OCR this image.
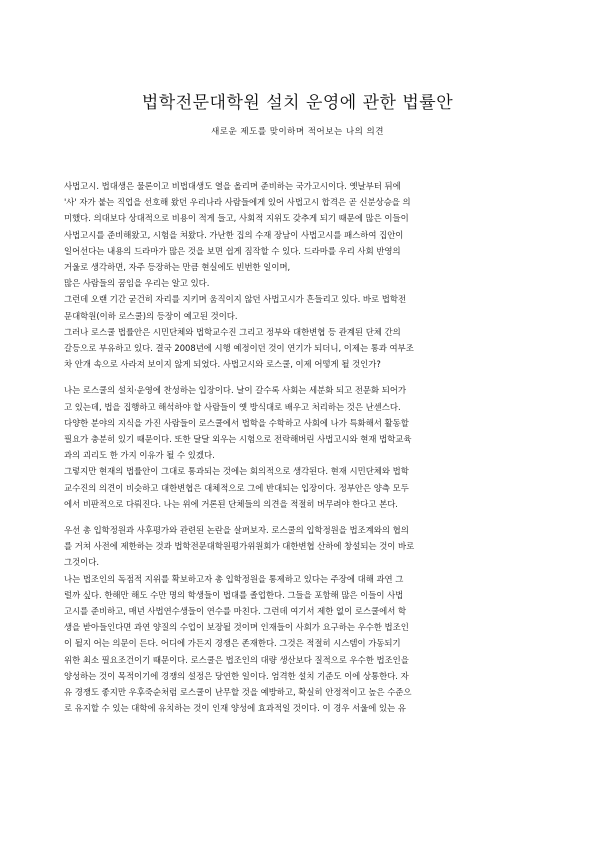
법학전문대학원 설치 운영에 관한 법률안
새로운 제도를 맞이하며 적어보는 나의 의견
사법고시. 법대생은 물론이고 비법대생도 열을 올리며 준비하는 국가고시이다. 옛날부터 뒤에
'사' 자가 붙는 직업을 선호해 왔던 우리나라 사람들에게 있어 사법고시 합격은 곧 신분상승을 의
미했다. 의대보다 상대적으로 비용이 적게 들고, 사회적 지위도 갖추게 되기 때문에 많은 이들이
사법고시를 준비해왔고, 시험을 쳐왔다. 가난한 집의 수재 장남이 사법고시를 패스하여 집안이
일어선다는 내용의 드라마가 많은 것을 보면 쉽게 짐작할 수 있다. 드라마를 우리 사회 반영의
거울로 생각하면, 자주 등장하는 만큼 현실에도 빈번한 일이며,
많은 사람들의 꿈임을 우리는 알고 있다.
그런데 오랜 기간 굳건히 자리를 지키며 움직이지 않던 사법고시가 흔들리고 있다. 바로 법학전
문대학원(이하 로스쿨)의 등장이 예고된 것이다.
그러나 로스쿨 법률안은 시민단체와 법학교수진 그리고 정부와 대한변협 등 관계된 단체 간의
갈등으로 부유하고 있다. 결국 2008년에 시행 예정이던 것이 연기가 되더니, 이제는 통과 여부조
차 안개 속으로 사라져 보이지 않게 되었다. 사법고시와 로스쿨, 이제 어떻게 될 것인가?
나는 로스쿨의 설치·운영에 찬성하는 입장이다. 날이 갈수록 사회는 세분화 되고 전문화 되어가
고 있는데, 법을 집행하고 해석하야 할 사람들이 옛 방식대로 배우고 처리하는 것은 난센스다.
다양한 분야의 지식을 가진 사람들이 로스쿨에서 법학을 수학하고 사회에 나가 특화해서 활동할
필요가 충분히 있기 때문이다. 또한 달달 외우는 시험으로 전락해버린 사법고시와 현재 법학교육
과의 괴리도 한 가지 이유가 될 수 있겠다.
그렇지만 현재의 법률안이 그대로 통과되는 것에는 회의적으로 생각된다. 현재 시민단체와 법학
교수진의 의견이 비슷하고 대한변협은 대체적으로 그에 반대되는 입장이다. 정부안은 양측 모두
에서 비판적으로 다뤄진다. 나는 위에 거론된 단체들의 의견을 적절히 버무려야 한다고 본다.
우선 총 입학정원과 사후평가와 관련된 논란을 살펴보자. 로스쿨의 입학정원을 법조계와의 협의
를 거쳐 사전에 제한하는 것과 법학전문대학원평가위원회가 대한변협 산하에 창설되는 것이 바로
그것이다.
나는 법조인의 독점적 지위를 확보하고자 총 입학정원을 통제하고 있다는 주장에 대해 과연 그
럴까 싶다. 한해만 해도 수만 명의 학생들이 법대를 졸업한다. 그들을 포함해 많은 이들이 사법
고시를 준비하고, 매년 사법연수생들이 연수를 마친다. 그런데 여기서 제한 없이 로스쿨에서 학
생을 받아들인다면 과연 양질의 수업이 보장될 것이며 인재들이 사회가 요구하는 우수한 법조인
이 될지 어는 의문이 든다. 어디에 가든지 경쟁은 존재한다. 그것은 적절히 시스템이 가동되기
위한 최소 필요조건이기 때문이다. 로스쿨은 법조인의 대량 생산보다 질적으로 우수한 법조인을
양성하는 것이 목적이기에 경쟁의 설정은 당연한 일이다. 엄격한 설치 기준도 이에 상통한다. 자
유 경쟁도 좋지만 우후죽순처럼 로스쿨이 난무할 것을 예방하고, 확실히 안정적이고 높은 수준으
로 유지할 수 있는 대학에 유치하는 것이 인재 양성에 효과적일 것이다. 이 경우 서울에 있는 유
